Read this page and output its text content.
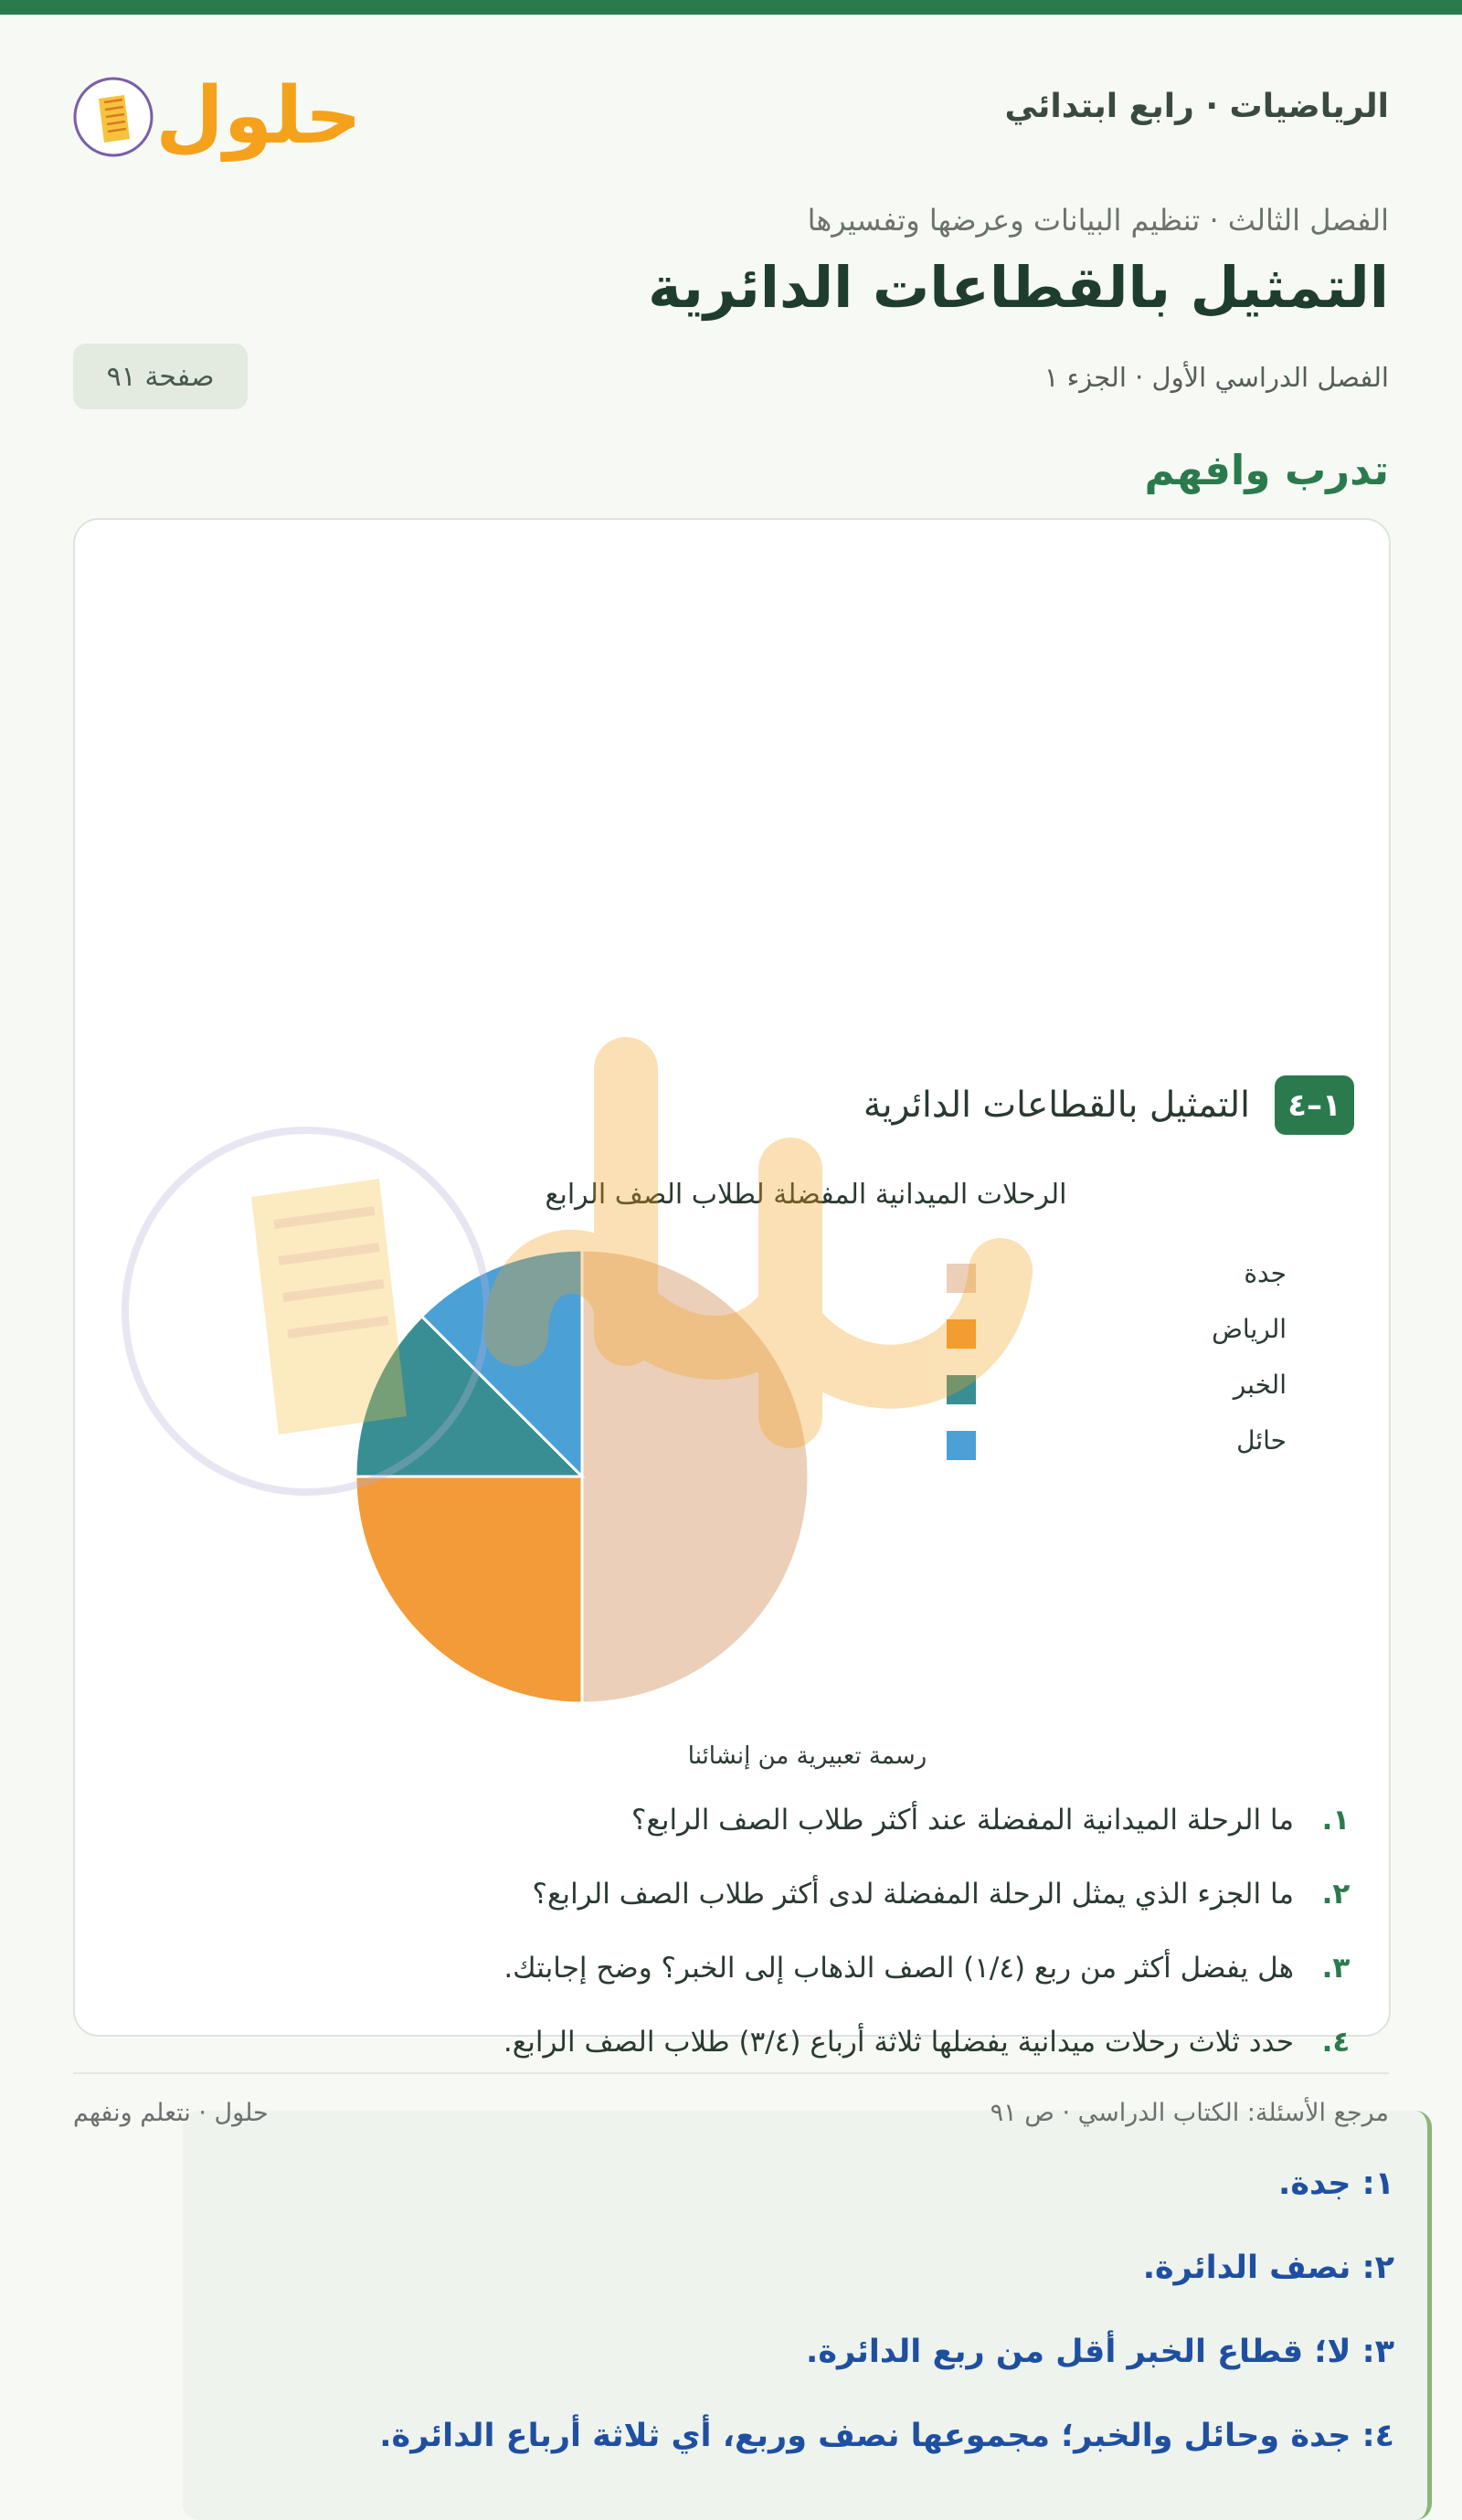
الرياضيات · رابع ابتدائي
حلول
الفصل الثالث · تنظيم البيانات وعرضها وتفسيرها
التمثيل بالقطاعات الدائرية
الفصل الدراسي الأول · الجزء ١
صفحة ٩١
تدرب وافهم
١–٤
التمثيل بالقطاعات الدائرية
الرحلات الميدانية المفضلة لطلاب الصف الرابع
جدة
الرياض
الخبر
حائل
رسمة تعبيرية من إنشائنا
١.
ما الرحلة الميدانية المفضلة عند أكثر طلاب الصف الرابع؟
٢.
ما الجزء الذي يمثل الرحلة المفضلة لدى أكثر طلاب الصف الرابع؟
٣.
هل يفضل أكثر من ربع (١/٤) الصف الذهاب إلى الخبر؟ وضح إجابتك.
٤.
حدد ثلاث رحلات ميدانية يفضلها ثلاثة أرباع (٣/٤) طلاب الصف الرابع.
١: جدة.
٢: نصف الدائرة.
٣: لا؛ قطاع الخبر أقل من ربع الدائرة.
٤: جدة وحائل والخبر؛ مجموعها نصف وربع، أي ثلاثة أرباع الدائرة.
مرجع الأسئلة: الكتاب الدراسي · ص ٩١
حلول · نتعلم ونفهم
